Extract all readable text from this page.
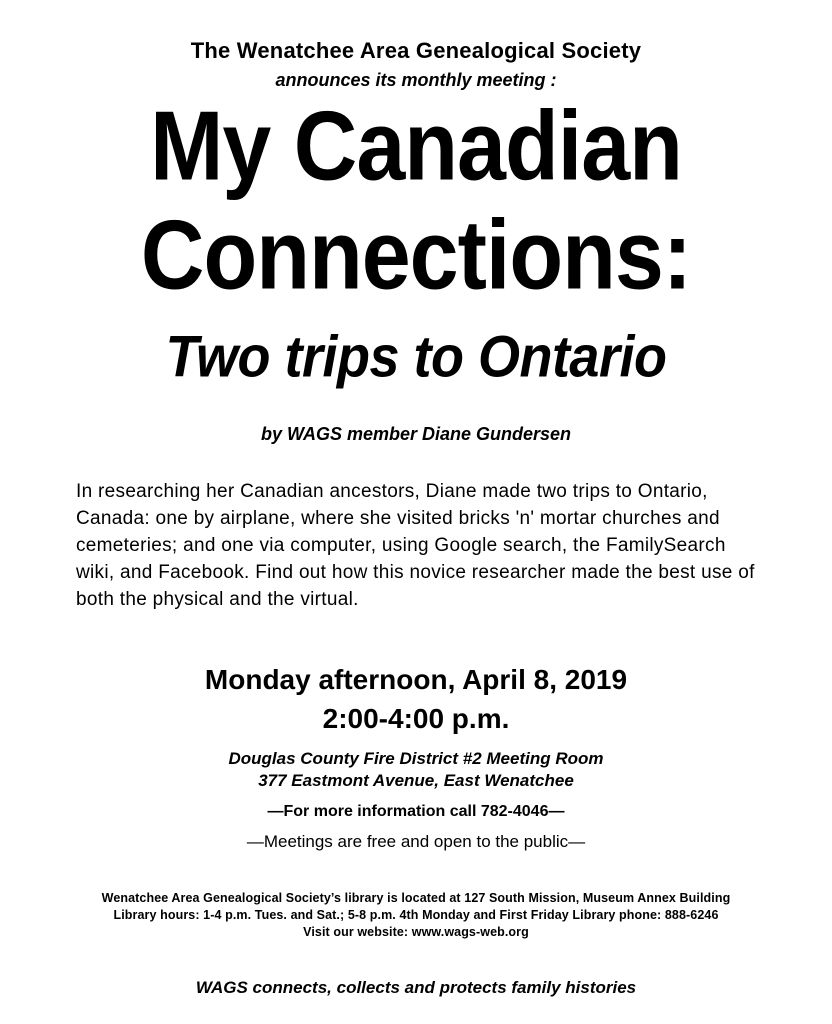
The Wenatchee Area Genealogical Society
announces its monthly meeting :
My Canadian
Connections:
Two trips to Ontario
by WAGS member Diane Gundersen
In researching her Canadian ancestors, Diane made two trips to Ontario, Canada: one by airplane, where she visited bricks 'n' mortar churches and cemeteries; and one via computer, using Google search, the FamilySearch wiki, and Facebook. Find out how this novice researcher made the best use of both the physical and the virtual.
Monday afternoon, April 8, 2019
2:00-4:00 p.m.
Douglas County Fire District #2 Meeting Room
377 Eastmont Avenue, East Wenatchee
—For more information call 782-4046—
—Meetings are free and open to the public—
Wenatchee Area Genealogical Society’s library is located at 127 South Mission, Museum Annex Building
Library hours: 1-4 p.m. Tues. and Sat.; 5-8 p.m. 4th Monday and First Friday Library phone: 888-6246
Visit our website: www.wags-web.org
WAGS connects, collects and protects family histories
